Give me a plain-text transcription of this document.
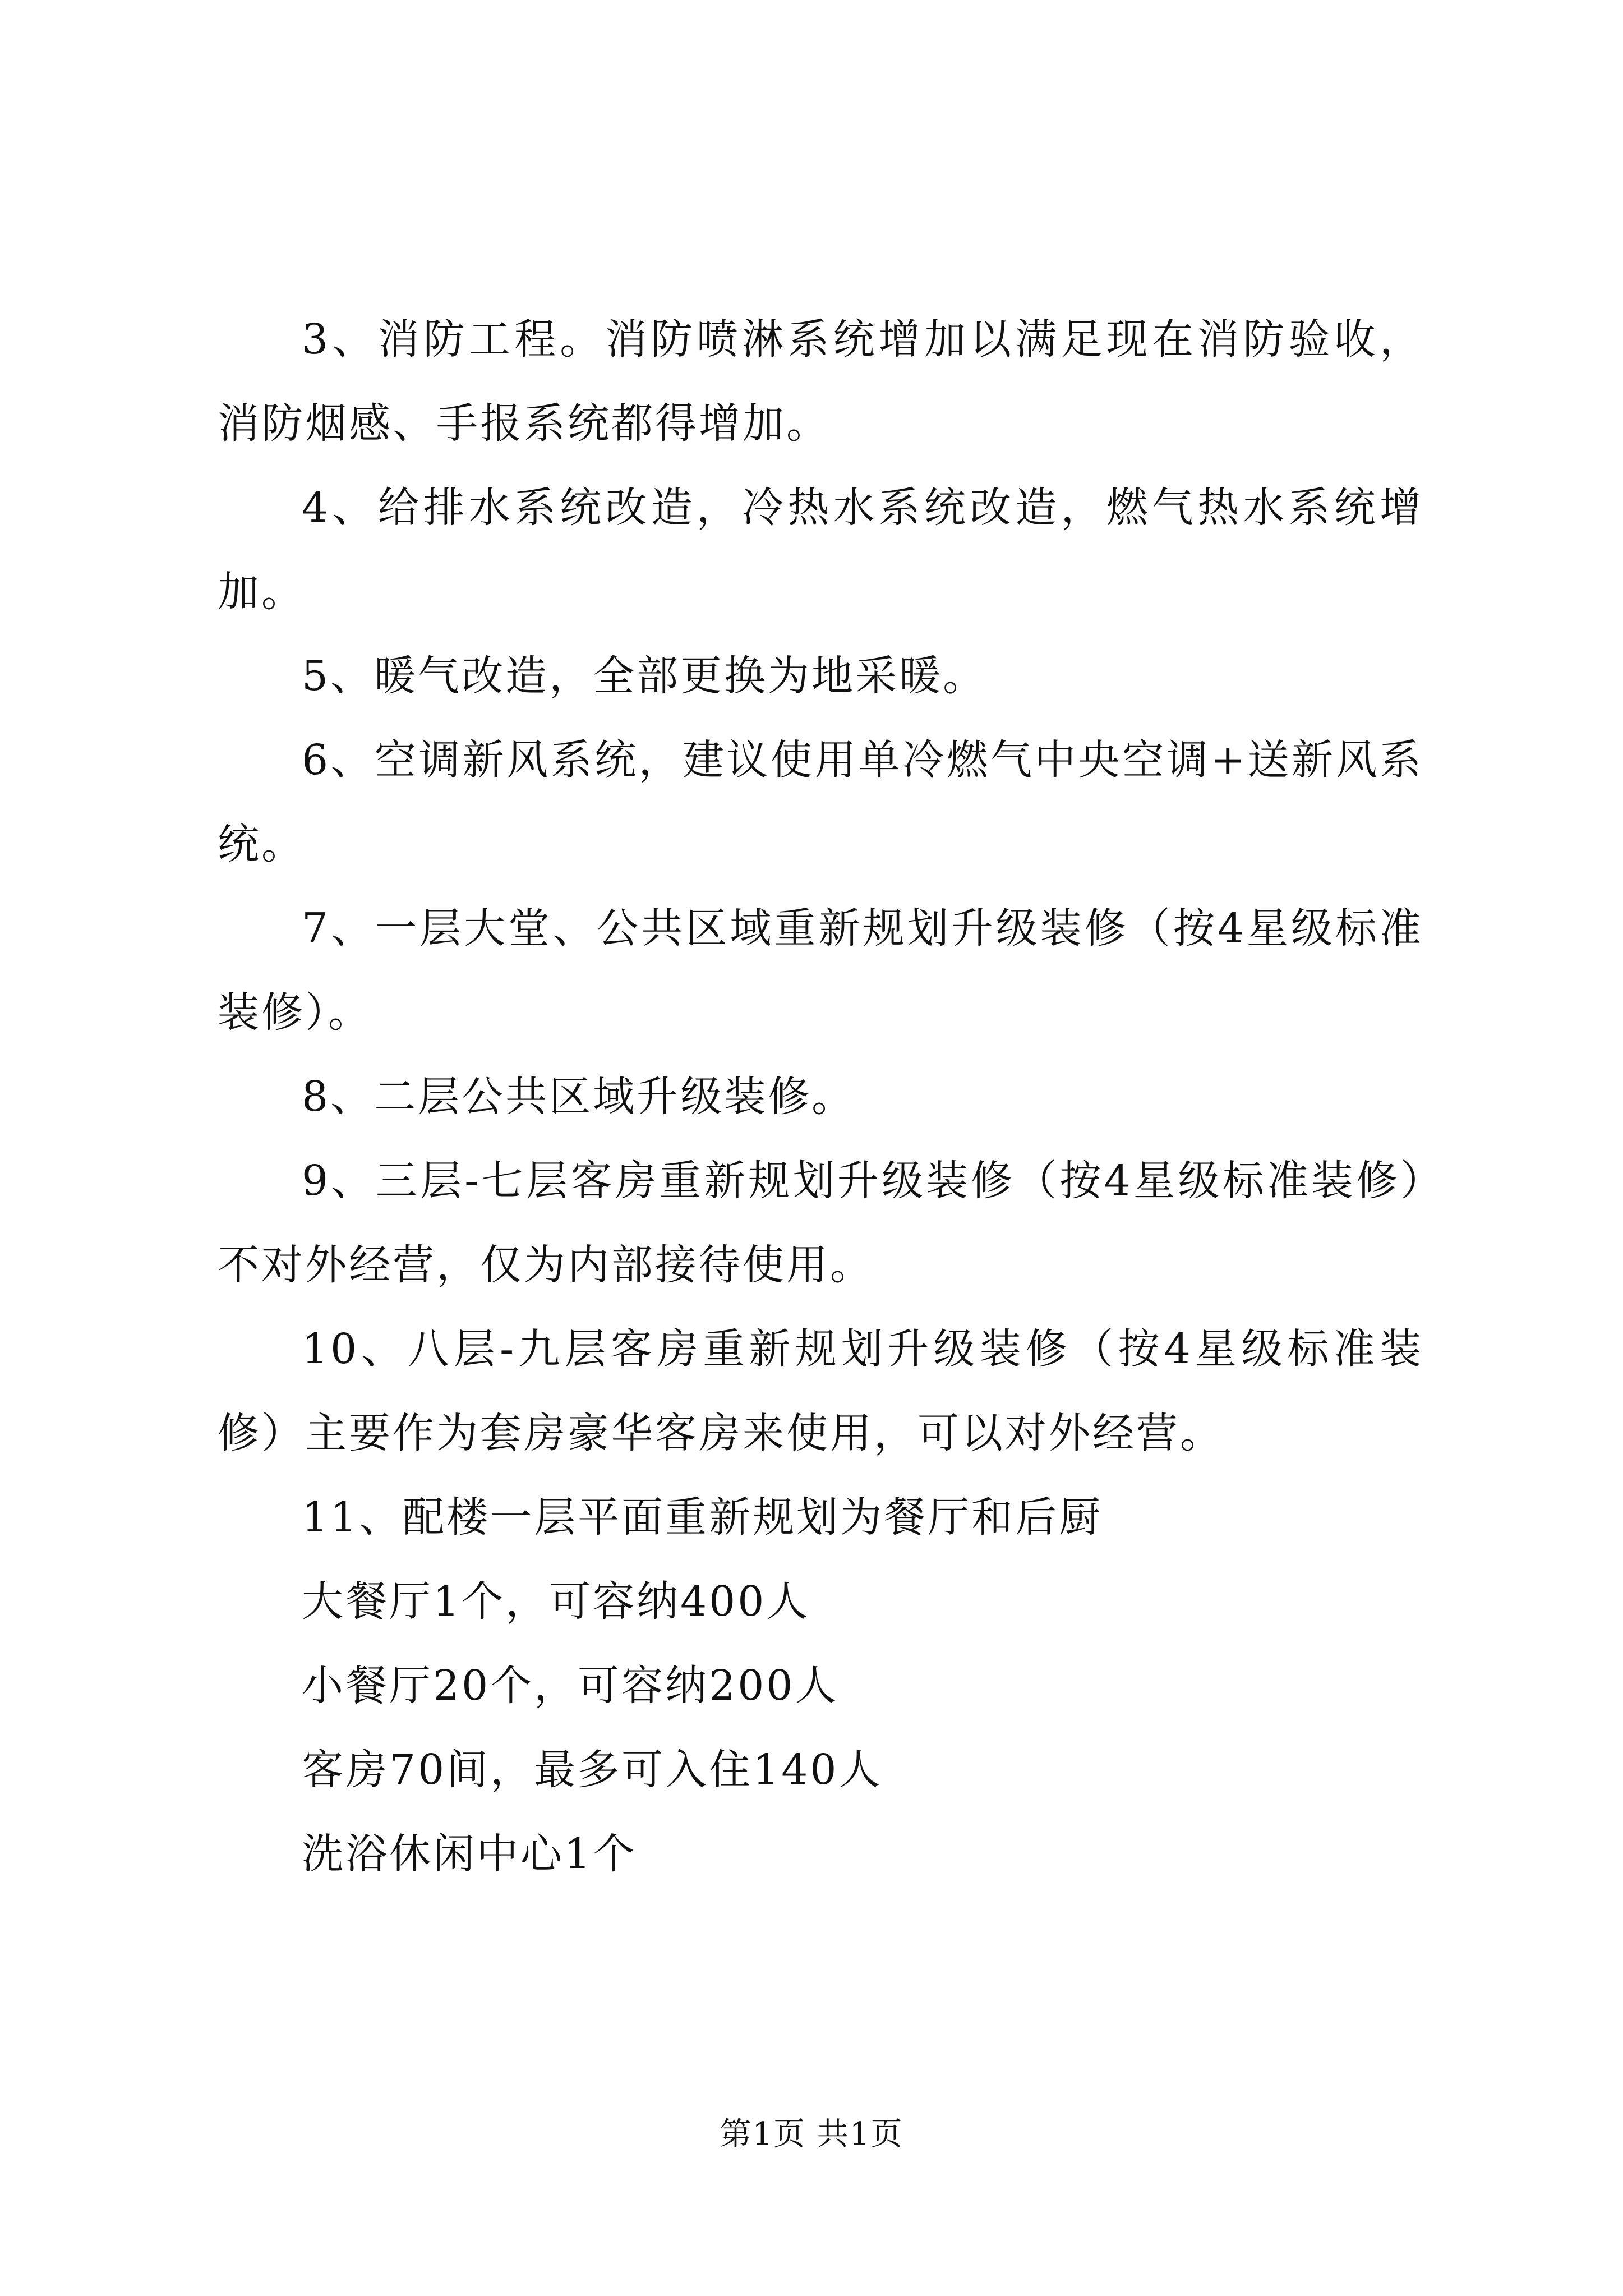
3、消防工程。消防喷淋系统增加以满足现在消防验收，消防烟感、手报系统都得增加。

4、给排水系统改造，冷热水系统改造，燃气热水系统增加。

5、暖气改造，全部更换为地采暖。

6、空调新风系统，建议使用单冷燃气中央空调+送新风系统。

7、一层大堂、公共区域重新规划升级装修（按4星级标准装修）。

8、二层公共区域升级装修。

9、三层-七层客房重新规划升级装修（按4星级标准装修）不对外经营，仅为内部接待使用。

10、八层-九层客房重新规划升级装修（按4星级标准装修）主要作为套房豪华客房来使用，可以对外经营。

11、配楼一层平面重新规划为餐厅和后厨

大餐厅1个，可容纳400人

小餐厅20个，可容纳200人

客房70间，最多可入住140人

洗浴休闲中心1个

第1页 共1页
